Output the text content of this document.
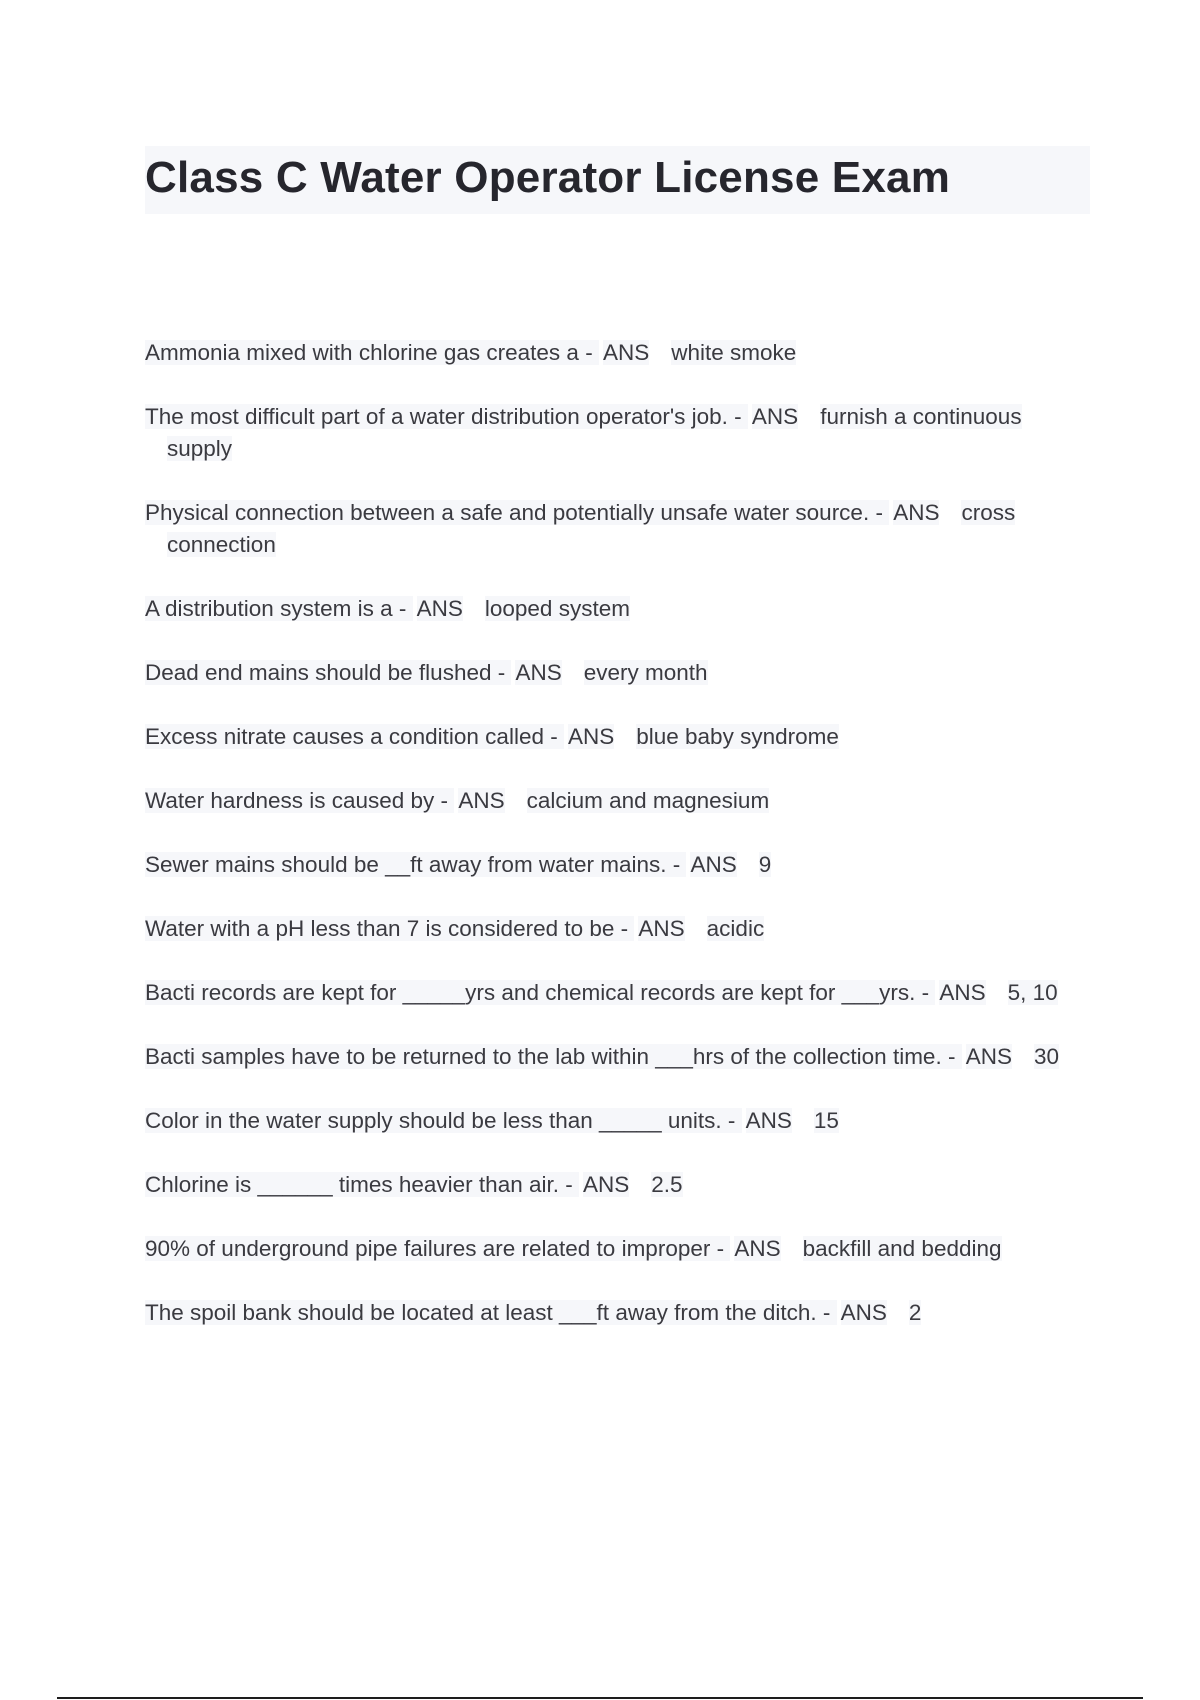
Class C Water Operator License Exam
Ammonia mixed with chlorine gas creates a - ANS white smoke
The most difficult part of a water distribution operator's job. - ANS furnish a continuous supply
Physical connection between a safe and potentially unsafe water source. - ANS cross connection
A distribution system is a - ANS looped system
Dead end mains should be flushed - ANS every month
Excess nitrate causes a condition called - ANS blue baby syndrome
Water hardness is caused by - ANS calcium and magnesium
Sewer mains should be __ft away from water mains. - ANS 9
Water with a pH less than 7 is considered to be - ANS acidic
Bacti records are kept for _____yrs and chemical records are kept for ___yrs. - ANS 5, 10
Bacti samples have to be returned to the lab within ___hrs of the collection time. - ANS 30
Color in the water supply should be less than _____ units. - ANS 15
Chlorine is ______ times heavier than air. - ANS 2.5
90% of underground pipe failures are related to improper - ANS backfill and bedding
The spoil bank should be located at least ___ft away from the ditch. - ANS 2
